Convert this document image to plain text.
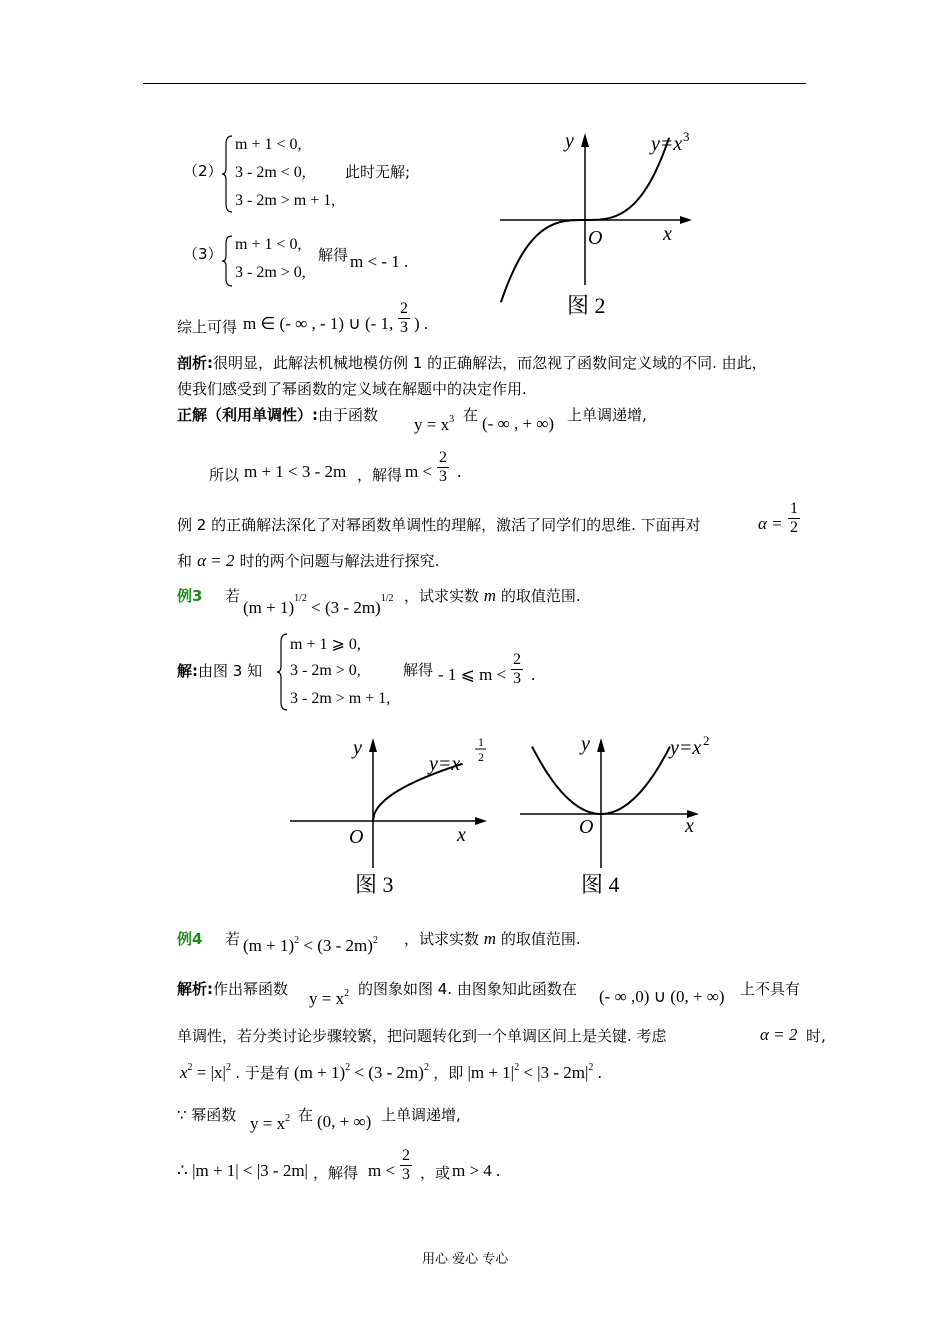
（2）
m + 1 < 0,
3 - 2m < 0,
3 - 2m > m + 1,
此时无解;
（3）
m + 1 < 0,
3 - 2m > 0,
解得 m < - 1 .
y
x
O
y=x 3
图 2
综上可得 m ∈ (- ∞ , - 1) ∪ (- 1, $\frac{2}{3}$ ) .
剖析:很明显，此解法机械地模仿例 1 的正确解法，而忽视了函数间定义域的不同. 由此，
使我们感受到了幂函数的定义域在解题中的决定作用.
正解（利用单调性）:由于函数 $y = x^3$ 在 (- ∞ , + ∞) 上单调递增,
所以 m + 1 < 3 - 2m ，解得 $m < \frac{2}{3}$ .
例 2 的正确解法深化了对幂函数单调性的理解，激活了同学们的思维. 下面再对	$\alpha = \frac{1}{2}$
和 α = 2 时的两个问题与解法进行探究.
例3 若
$(m + 1)^{1/2} < (3 - 2m)^{1/2}$ ，试求实数 m 的取值范围.
解:由图 3 知
m + 1 ⩾ 0,
3 - 2m > 0,
3 - 2m > m + 1,
解得 - 1 ⩽ $m < \frac{2}{3}$ .
y
x
O
y=x
1
2
图 3
y
x
O
y=x 2
图 4
例4 若 $(m + 1)^2 < (3 - 2m)^2$ ，试求实数 m 的取值范围.
解析:作出幂函数 $y = x^2$ 的图象如图 4. 由图象知此函数在 (- ∞ ,0) ∪ (0, + ∞) 上不具有
单调性，若分类讨论步骤较繁，把问题转化到一个单调区间上是关键. 考虑	α = 2 时,
$x^2 = |x|^2$ . 于是有 $(m + 1)^2 < (3 - 2m)^2$ ，即 $|m + 1|^2 < |3 - 2m|^2$ .
∵ 幂函数 $y = x^2$ 在 (0, + ∞) 上单调递增,
∴ |m + 1| < |3 - 2m| ，解得 $m < \frac{2}{3}$ ，或 m > 4 .
用心 爱心 专心
